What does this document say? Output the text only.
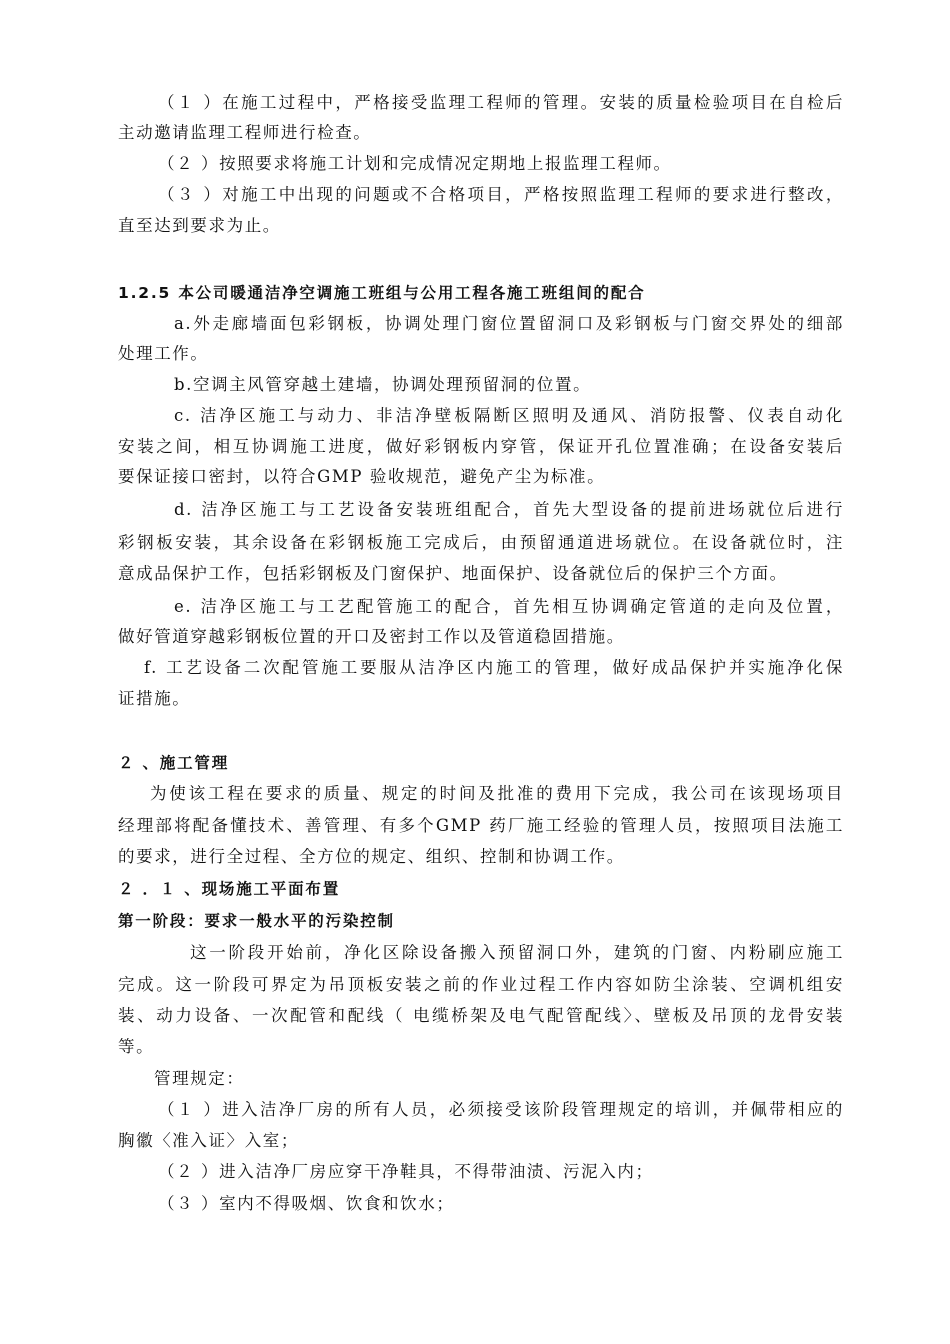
（１ ）在施工过程中，严格接受监理工程师的管理。安装的质量检验项目在自检后
主动邀请监理工程师进行检查。
（２ ）按照要求将施工计划和完成情况定期地上报监理工程师。
（３ ）对施工中出现的问题或不合格项目，严格按照监理工程师的要求进行整改，
直至达到要求为止。
1.2.5 本公司暖通洁净空调施工班组与公用工程各施工班组间的配合
a.外走廊墙面包彩钢板，协调处理门窗位置留洞口及彩钢板与门窗交界处的细部
处理工作。
b.空调主风管穿越土建墙，协调处理预留洞的位置。
c. 洁净区施工与动力、非洁净壁板隔断区照明及通风、消防报警、仪表自动化
安装之间，相互协调施工进度，做好彩钢板内穿管，保证开孔位置准确；在设备安装后
要保证接口密封，以符合GMP 验收规范，避免产尘为标准。
d. 洁净区施工与工艺设备安装班组配合，首先大型设备的提前进场就位后进行
彩钢板安装，其余设备在彩钢板施工完成后，由预留通道进场就位。在设备就位时，注
意成品保护工作，包括彩钢板及门窗保护、地面保护、设备就位后的保护三个方面。
e. 洁净区施工与工艺配管施工的配合，首先相互协调确定管道的走向及位置，
做好管道穿越彩钢板位置的开口及密封工作以及管道稳固措施。
f. 工艺设备二次配管施工要服从洁净区内施工的管理，做好成品保护并实施净化保
证措施。
２ 、施工管理
为使该工程在要求的质量、规定的时间及批准的费用下完成，我公司在该现场项目
经理部将配备懂技术、善管理、有多个GMP 药厂施工经验的管理人员，按照项目法施工
的要求，进行全过程、全方位的规定、组织、控制和协调工作。
２ ．１ 、现场施工平面布置
第一阶段：要求一般水平的污染控制
这一阶段开始前，净化区除设备搬入预留洞口外，建筑的门窗、内粉刷应施工
完成。这一阶段可界定为吊顶板安装之前的作业过程工作内容如防尘涂装、空调机组安
装、动力设备、一次配管和配线（ 电缆桥架及电气配管配线〉、壁板及吊顶的龙骨安装
等。
管理规定：
（１ ）进入洁净厂房的所有人员，必须接受该阶段管理规定的培训，并佩带相应的
胸徽〈准入证〉入室；
（２ ）进入洁净厂房应穿干净鞋具，不得带油渍、污泥入内；
（３ ）室内不得吸烟、饮食和饮水；
